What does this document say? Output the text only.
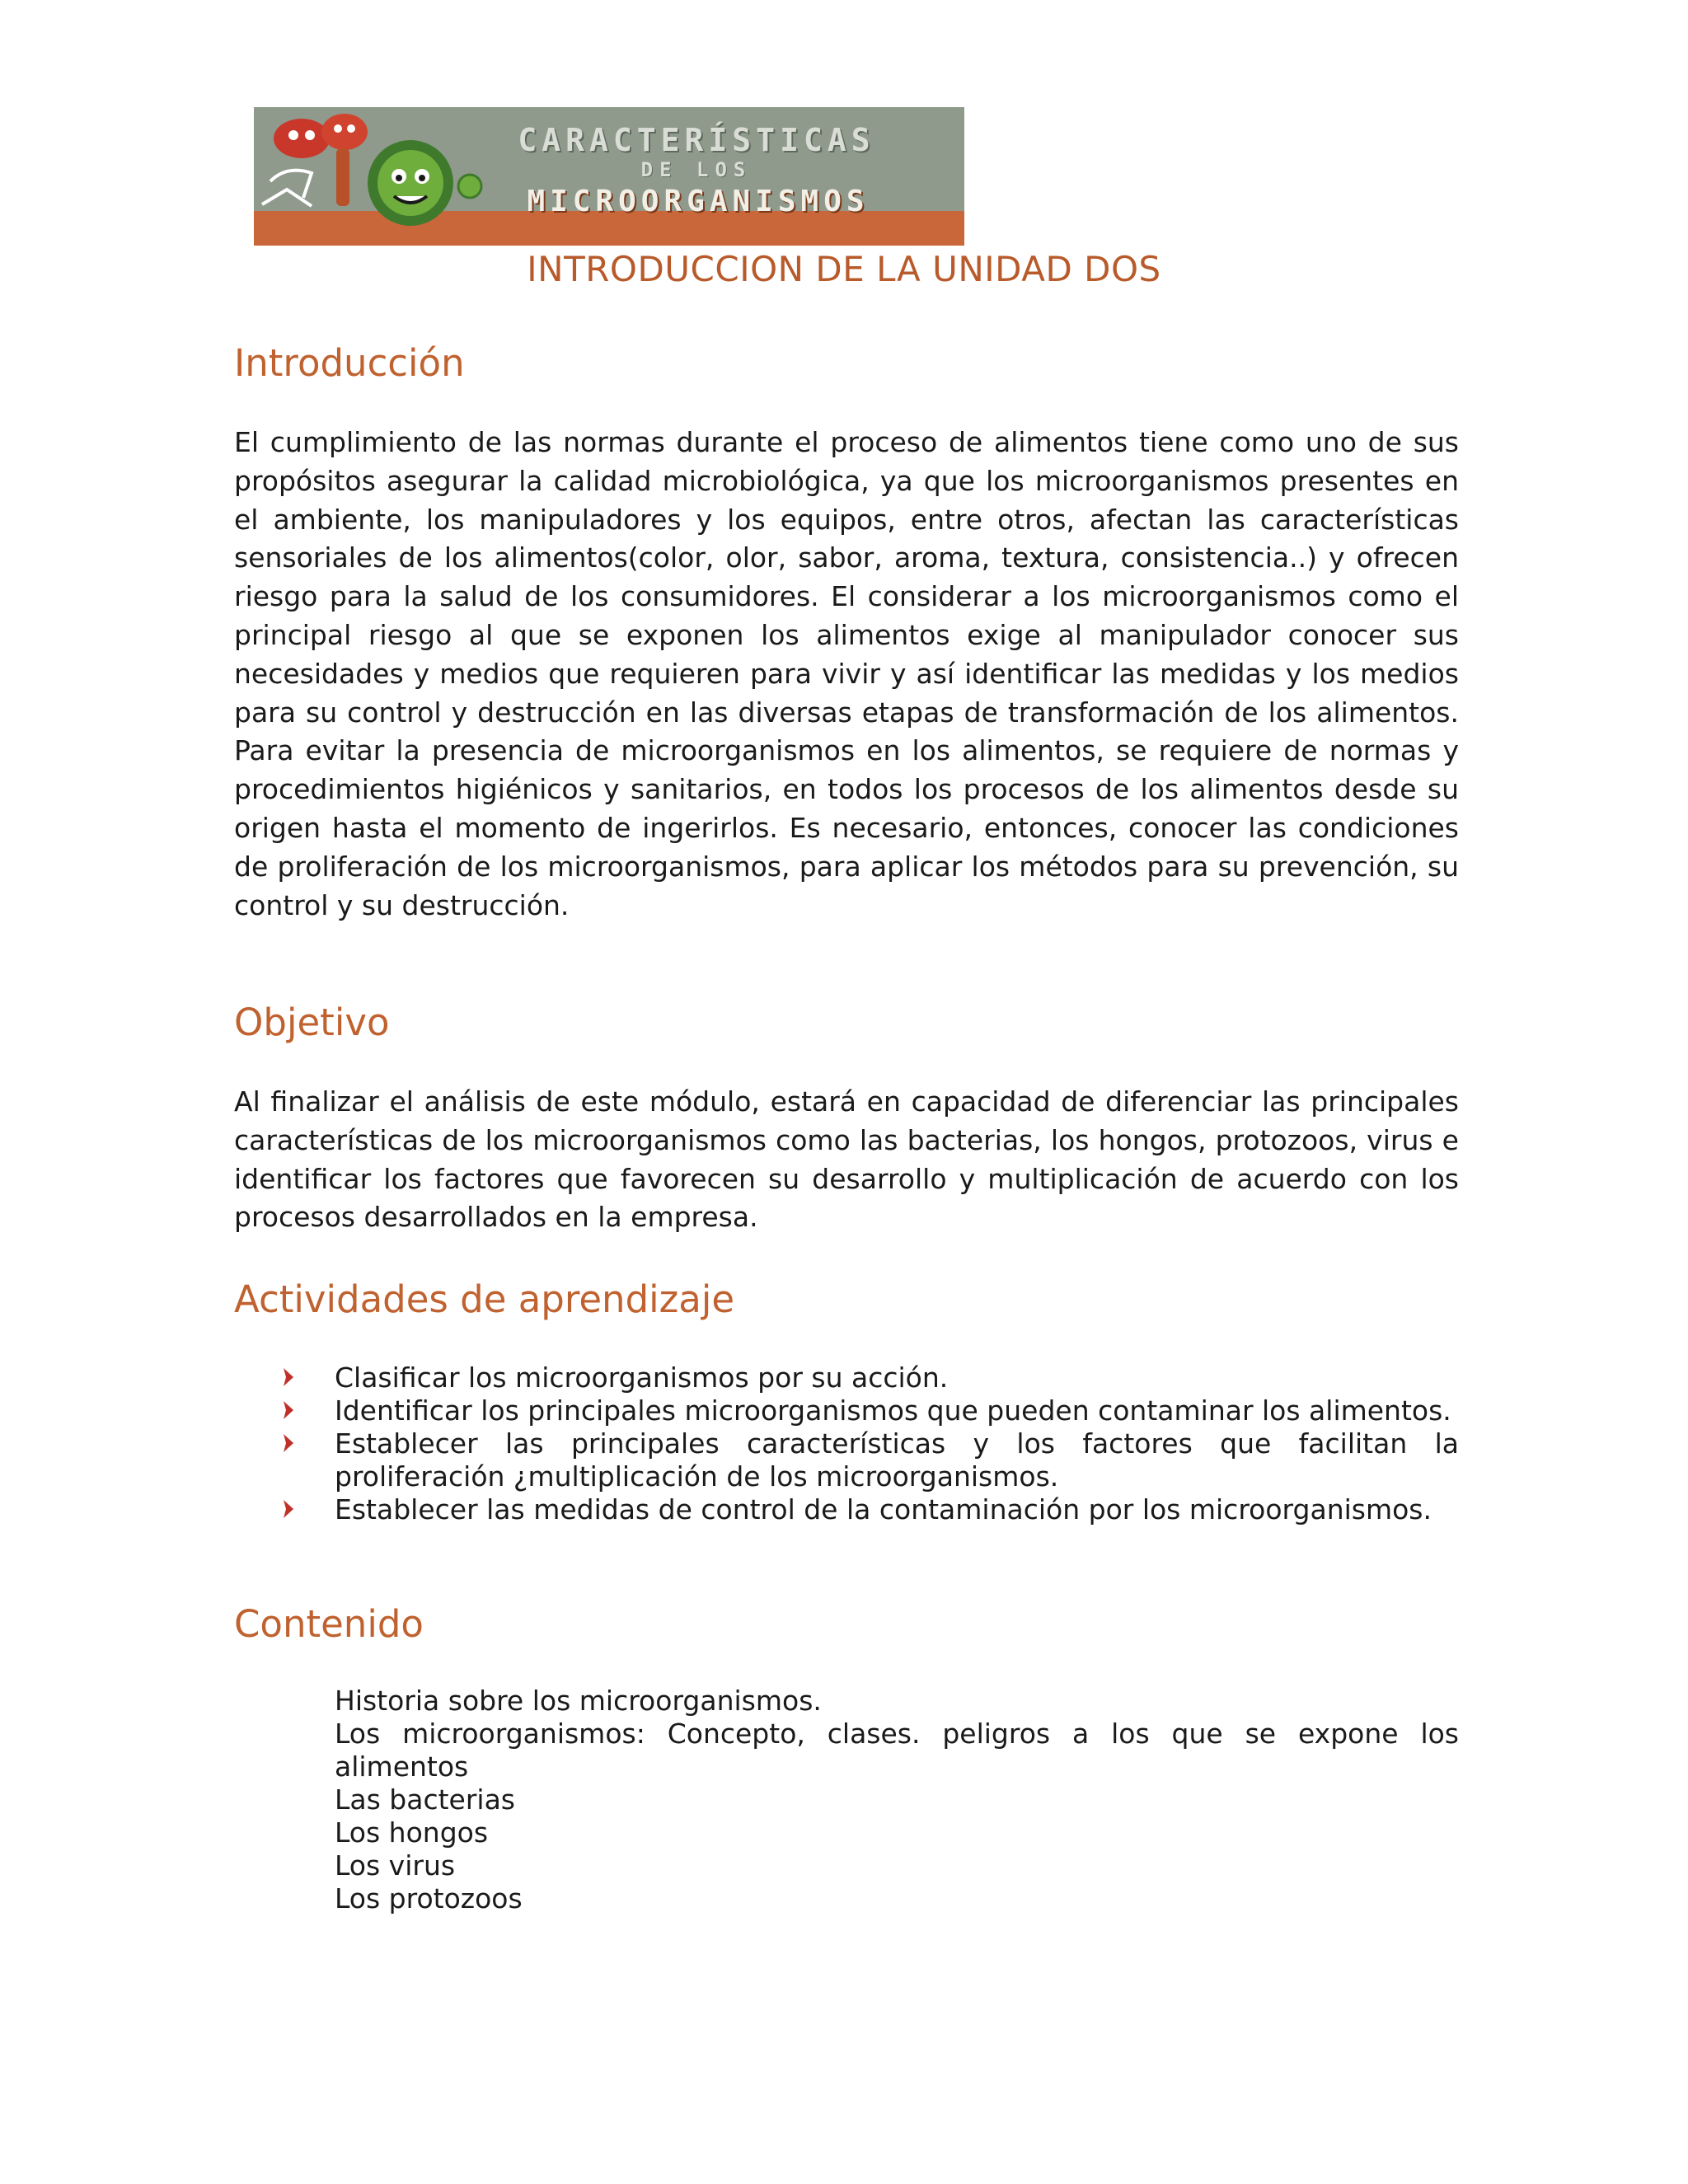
CARACTERÍSTICAS
DE LOS
MICROORGANISMOS
INTRODUCCION DE LA UNIDAD DOS
Introducción

El cumplimiento de las normas durante el proceso de alimentos tiene como uno de sus propósitos asegurar la calidad microbiológica, ya que los microorganismos presentes en el ambiente, los manipuladores y los equipos, entre otros, afectan las características sensoriales de los alimentos(color, olor, sabor, aroma, textura, consistencia..) y ofrecen riesgo para la salud de los consumidores. El considerar a los microorganismos como el principal riesgo al que se exponen los alimentos exige al manipulador conocer sus necesidades y medios que requieren para vivir y así identificar las medidas y los medios para su control y destrucción en las diversas etapas de transformación de los alimentos. Para evitar la presencia de microorganismos en los alimentos, se requiere de normas y procedimientos higiénicos y sanitarios, en todos los procesos de los alimentos desde su origen hasta el momento de ingerirlos. Es necesario, entonces, conocer las condiciones de proliferación de los microorganismos, para aplicar los métodos para su prevención, su control y su destrucción.

Objetivo

Al finalizar el análisis de este módulo, estará en capacidad de diferenciar las principales características de los microorganismos como las bacterias, los hongos, protozoos, virus e identificar los factores que favorecen su desarrollo y multiplicación de acuerdo con los procesos desarrollados en la empresa.

Actividades de aprendizaje
Clasificar los microorganismos por su acción.
Identificar los principales microorganismos que pueden contaminar los alimentos.
Establecer las principales características y los factores que facilitan la proliferación ¿multiplicación de los microorganismos.
Establecer las medidas de control de la contaminación por los microorganismos.
Contenido
Historia sobre los microorganismos.
Los microorganismos: Concepto, clases. peligros a los que se expone los alimentos
Las bacterias
Los hongos
Los virus
Los protozoos
